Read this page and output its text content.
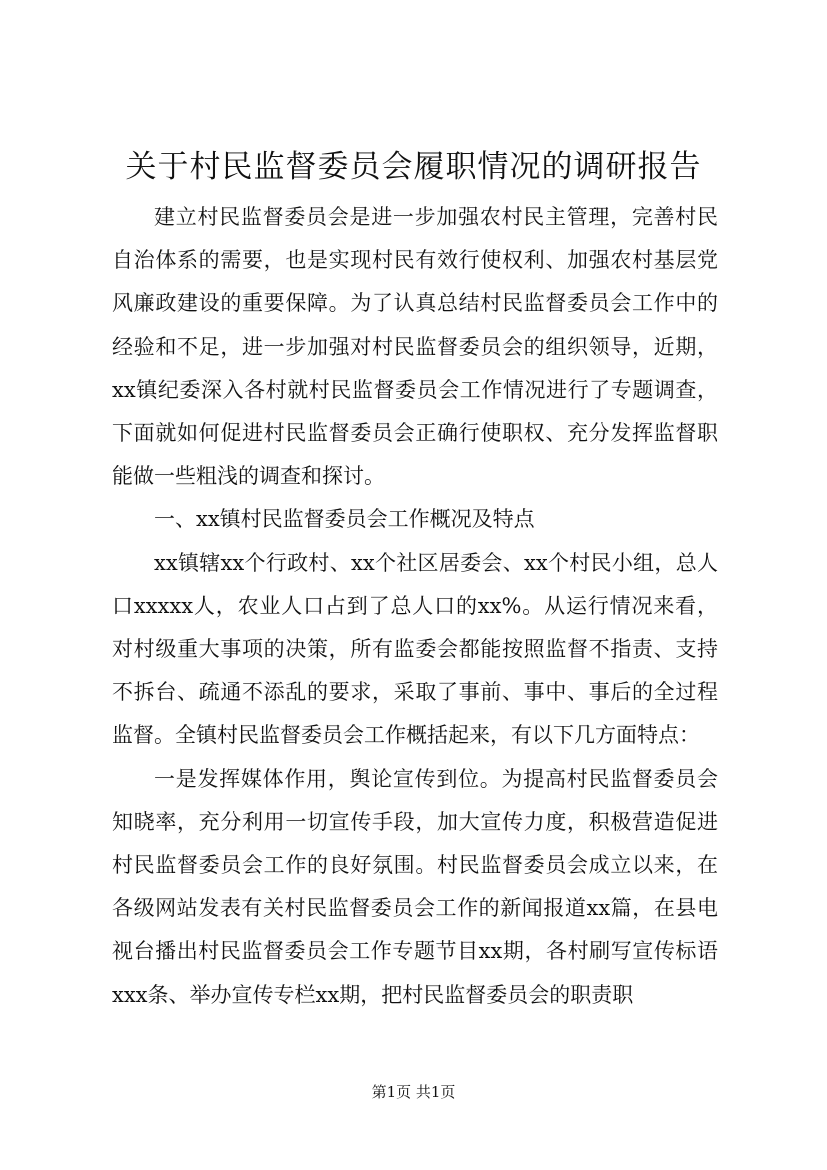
关于村民监督委员会履职情况的调研报告

建立村民监督委员会是进一步加强农村民主管理，完善村民自治体系的需要，也是实现村民有效行使权利、加强农村基层党风廉政建设的重要保障。为了认真总结村民监督委员会工作中的经验和不足，进一步加强对村民监督委员会的组织领导，近期，xx镇纪委深入各村就村民监督委员会工作情况进行了专题调查，下面就如何促进村民监督委员会正确行使职权、充分发挥监督职能做一些粗浅的调查和探讨。

一、xx镇村民监督委员会工作概况及特点

xx镇辖xx个行政村、xx个社区居委会、xx个村民小组，总人口xxxxx人，农业人口占到了总人口的xx%。从运行情况来看，对村级重大事项的决策，所有监委会都能按照监督不指责、支持不拆台、疏通不添乱的要求，采取了事前、事中、事后的全过程监督。全镇村民监督委员会工作概括起来，有以下几方面特点：

一是发挥媒体作用，舆论宣传到位。为提高村民监督委员会知晓率，充分利用一切宣传手段，加大宣传力度，积极营造促进村民监督委员会工作的良好氛围。村民监督委员会成立以来，在各级网站发表有关村民监督委员会工作的新闻报道xx篇，在县电视台播出村民监督委员会工作专题节目xx期，各村刷写宣传标语xxx条、举办宣传专栏xx期，把村民监督委员会的职责职

第1页 共1页
